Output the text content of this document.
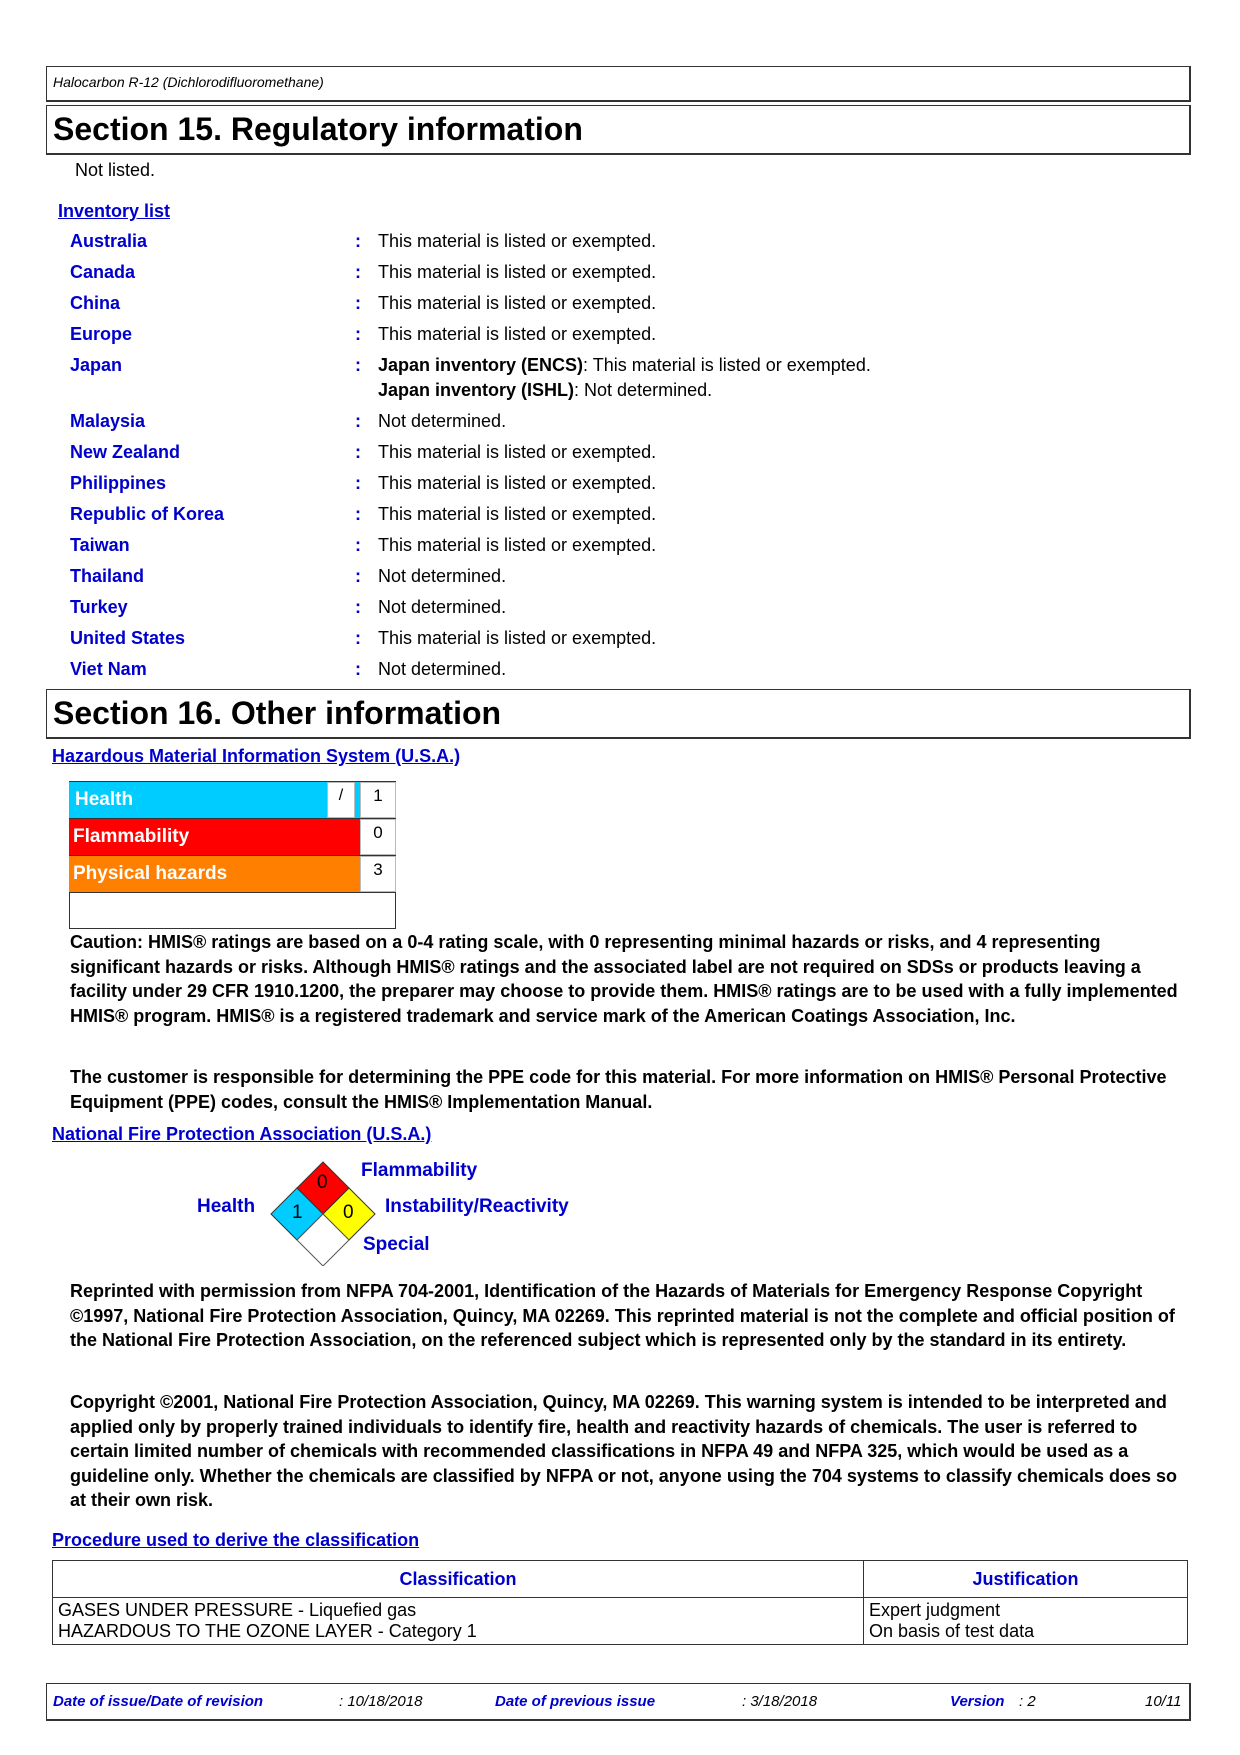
Halocarbon R-12 (Dichlorodifluoromethane)
Section 15. Regulatory information
Not listed.
Inventory list
Australia	: This material is listed or exempted.
Canada	: This material is listed or exempted.
China	: This material is listed or exempted.
Europe	: This material is listed or exempted.
Japan	: Japan inventory (ENCS): This material is listed or exempted.
Japan inventory (ISHL): Not determined.
Malaysia	: Not determined.
New Zealand	: This material is listed or exempted.
Philippines	: This material is listed or exempted.
Republic of Korea	: This material is listed or exempted.
Taiwan	: This material is listed or exempted.
Thailand	: Not determined.
Turkey	: Not determined.
United States	: This material is listed or exempted.
Viet Nam	: Not determined.
Section 16. Other information
Hazardous Material Information System (U.S.A.)
Health	/	1
Flammability	0
Physical hazards	3
Caution: HMIS® ratings are based on a 0-4 rating scale, with 0 representing minimal hazards or risks, and 4 representing significant hazards or risks. Although HMIS® ratings and the associated label are not required on SDSs or products leaving a facility under 29 CFR 1910.1200, the preparer may choose to provide them. HMIS® ratings are to be used with a fully implemented HMIS® program. HMIS® is a registered trademark and service mark of the American Coatings Association, Inc.
The customer is responsible for determining the PPE code for this material. For more information on HMIS® Personal Protective Equipment (PPE) codes, consult the HMIS® Implementation Manual.
National Fire Protection Association (U.S.A.)
0
1 0
Flammability
Health	Instability/Reactivity
Special
Reprinted with permission from NFPA 704-2001, Identification of the Hazards of Materials for Emergency Response Copyright ©1997, National Fire Protection Association, Quincy, MA 02269. This reprinted material is not the complete and official position of the National Fire Protection Association, on the referenced subject which is represented only by the standard in its entirety.
Copyright ©2001, National Fire Protection Association, Quincy, MA 02269. This warning system is intended to be interpreted and applied only by properly trained individuals to identify fire, health and reactivity hazards of chemicals. The user is referred to certain limited number of chemicals with recommended classifications in NFPA 49 and NFPA 325, which would be used as a guideline only. Whether the chemicals are classified by NFPA or not, anyone using the 704 systems to classify chemicals does so at their own risk.
Procedure used to derive the classification
Classification	Justification

GASES UNDER PRESSURE - Liquefied gas
HAZARDOUS TO THE OZONE LAYER - Category 1

Expert judgment
On basis of test data
Date of issue/Date of revision	: 10/18/2018	Date of previous issue	: 3/18/2018	Version : 2	10/11
